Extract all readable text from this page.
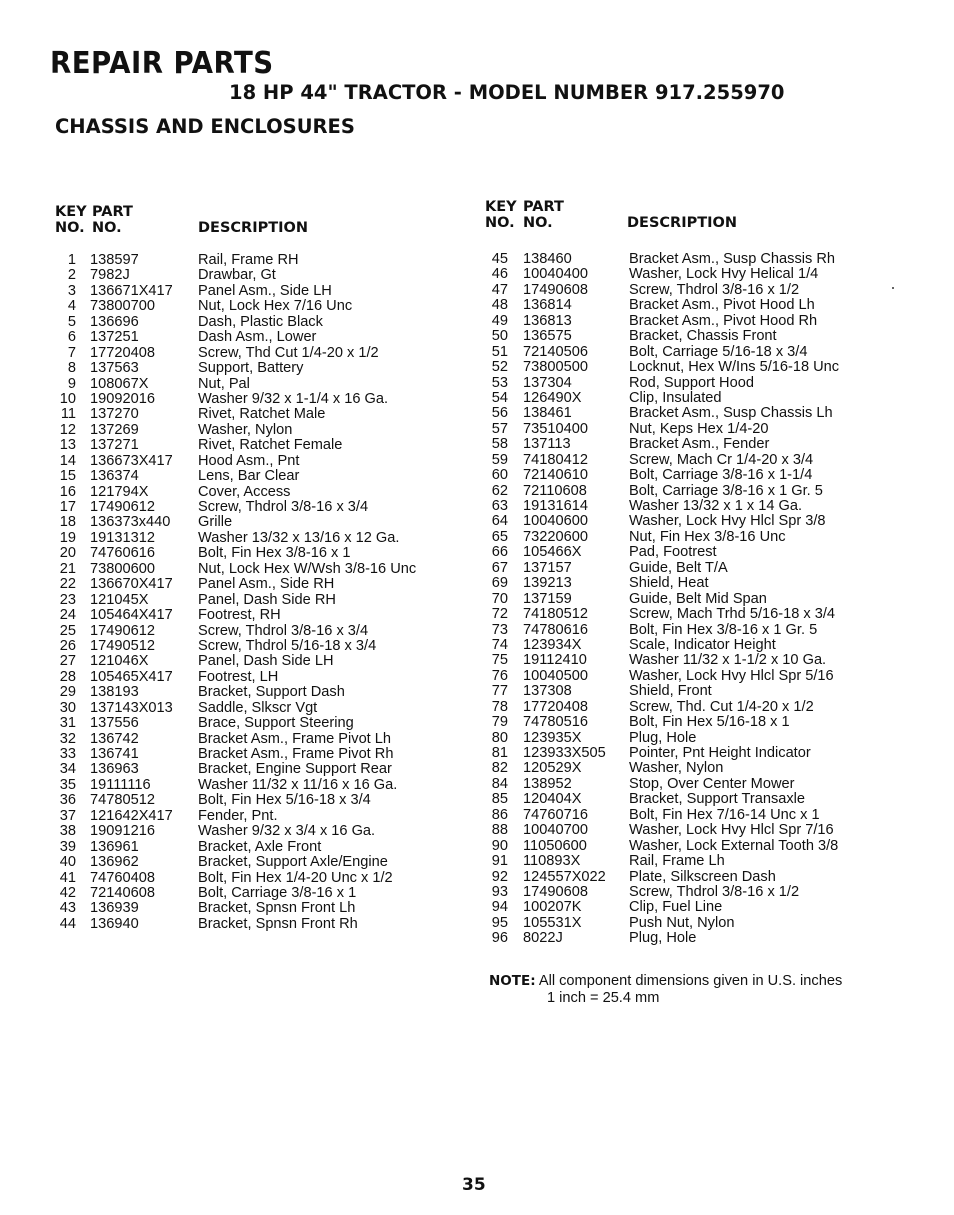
REPAIR PARTS
18 HP 44" TRACTOR - MODEL NUMBER 917.255970
CHASSIS AND ENCLOSURES
KEY
NO.
PART
NO.	DESCRIPTION
KEY
NO.
PART
NO.	DESCRIPTION
1 138597	Rail, Frame RH
2 7982J	Drawbar, Gt
3 136671X417	Panel Asm., Side LH
4 73800700	Nut, Lock Hex 7/16 Unc
5 136696	Dash, Plastic Black
6 137251	Dash Asm., Lower
7 17720408	Screw, Thd Cut 1/4-20 x 1/2
8 137563	Support, Battery
9 108067X	Nut, Pal
10 19092016	Washer 9/32 x 1-1/4 x 16 Ga.
11 137270	Rivet, Ratchet Male
12 137269	Washer, Nylon
13 137271	Rivet, Ratchet Female
14 136673X417	Hood Asm., Pnt
15 136374	Lens, Bar Clear
16 121794X	Cover, Access
17 17490612	Screw, Thdrol 3/8-16 x 3/4
18 136373x440	Grille
19 19131312	Washer 13/32 x 13/16 x 12 Ga.
20 74760616	Bolt, Fin Hex 3/8-16 x 1
21 73800600	Nut, Lock Hex W/Wsh 3/8-16 Unc
22 136670X417	Panel Asm., Side RH
23 121045X	Panel, Dash Side RH
24 105464X417	Footrest, RH
25 17490612	Screw, Thdrol 3/8-16 x 3/4
26 17490512	Screw, Thdrol 5/16-18 x 3/4
27 121046X	Panel, Dash Side LH
28 105465X417	Footrest, LH
29 138193	Bracket, Support Dash
30 137143X013	Saddle, Slkscr Vgt
31 137556	Brace, Support Steering
32 136742	Bracket Asm., Frame Pivot Lh
33 136741	Bracket Asm., Frame Pivot Rh
34 136963	Bracket, Engine Support Rear
35 19111116	Washer 11/32 x 11/16 x 16 Ga.
36 74780512	Bolt, Fin Hex 5/16-18 x 3/4
37 121642X417	Fender, Pnt.
38 19091216	Washer 9/32 x 3/4 x 16 Ga.
39 136961	Bracket, Axle Front
40 136962	Bracket, Support Axle/Engine
41 74760408	Bolt, Fin Hex 1/4-20 Unc x 1/2
42 72140608	Bolt, Carriage 3/8-16 x 1
43 136939	Bracket, Spnsn Front Lh
44 136940	Bracket, Spnsn Front Rh
45	138460	Bracket Asm., Susp Chassis Rh
46	10040400	Washer, Lock Hvy Helical 1/4
47	17490608	Screw, Thdrol 3/8-16 x 1/2
48	136814	Bracket Asm., Pivot Hood Lh
49	136813	Bracket Asm., Pivot Hood Rh
50	136575	Bracket, Chassis Front
51	72140506	Bolt, Carriage 5/16-18 x 3/4
52	73800500	Locknut, Hex W/Ins 5/16-18 Unc
53	137304	Rod, Support Hood
54	126490X	Clip, Insulated
56	138461	Bracket Asm., Susp Chassis Lh
57	73510400	Nut, Keps Hex 1/4-20
58	137113	Bracket Asm., Fender
59	74180412	Screw, Mach Cr 1/4-20 x 3/4
60	72140610	Bolt, Carriage 3/8-16 x 1-1/4
62	72110608	Bolt, Carriage 3/8-16 x 1 Gr. 5
63	19131614	Washer 13/32 x 1 x 14 Ga.
64	10040600	Washer, Lock Hvy Hlcl Spr 3/8
65	73220600	Nut, Fin Hex 3/8-16 Unc
66	105466X	Pad, Footrest
67	137157	Guide, Belt T/A
69	139213	Shield, Heat
70	137159	Guide, Belt Mid Span
72	74180512	Screw, Mach Trhd 5/16-18 x 3/4
73	74780616	Bolt, Fin Hex 3/8-16 x 1 Gr. 5
74	123934X	Scale, Indicator Height
75	19112410	Washer 11/32 x 1-1/2 x 10 Ga.
76	10040500	Washer, Lock Hvy Hlcl Spr 5/16
77	137308	Shield, Front
78	17720408	Screw, Thd. Cut 1/4-20 x 1/2
79	74780516	Bolt, Fin Hex 5/16-18 x 1
80	123935X	Plug, Hole
81	123933X505	Pointer, Pnt Height Indicator
82	120529X	Washer, Nylon
84	138952	Stop, Over Center Mower
85	120404X	Bracket, Support Transaxle
86	74760716	Bolt, Fin Hex 7/16-14 Unc x 1
88	10040700	Washer, Lock Hvy Hlcl Spr 7/16
90	11050600	Washer, Lock External Tooth 3/8
91	110893X	Rail, Frame Lh
92	124557X022	Plate, Silkscreen Dash
93	17490608	Screw, Thdrol 3/8-16 x 1/2
94	100207K	Clip, Fuel Line
95	105531X	Push Nut, Nylon
96	8022J	Plug, Hole
NOTE: All component dimensions given in U.S. inches
1 inch = 25.4 mm
35
